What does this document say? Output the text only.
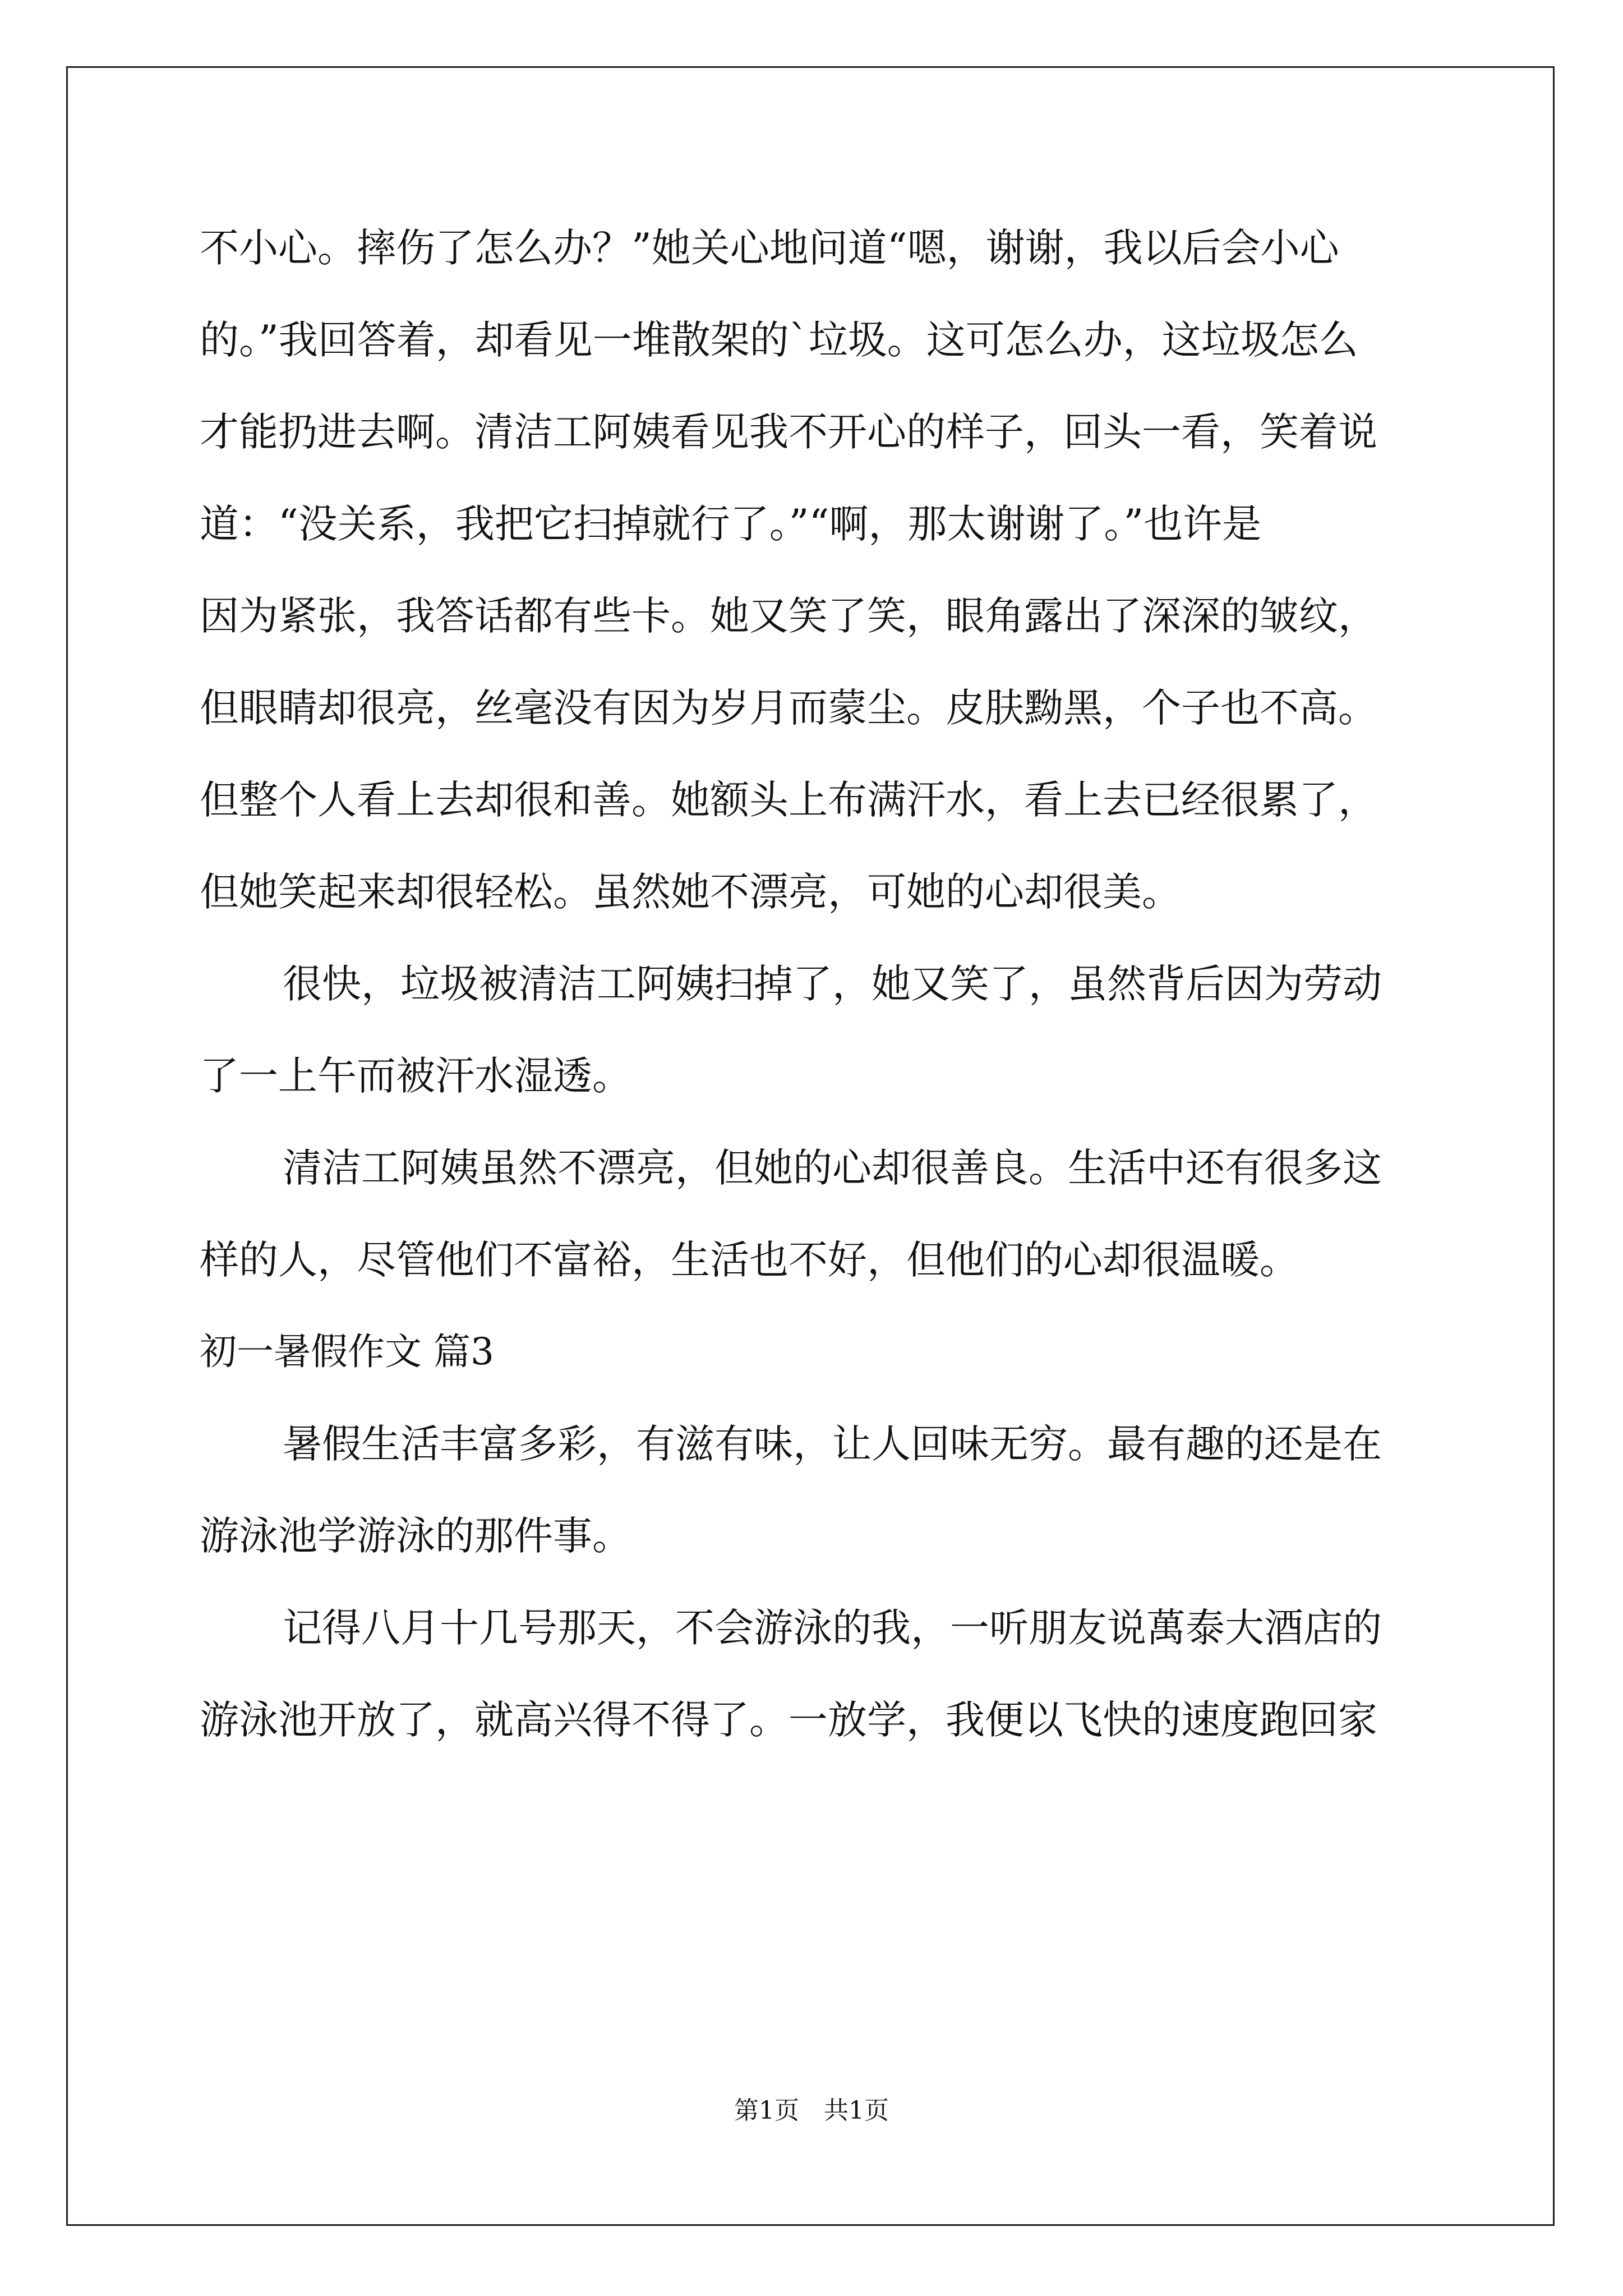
不小心。摔伤了怎么办？”她关心地问道“嗯，谢谢，我以后会小心
的。”我回答着，却看见一堆散架的`垃圾。这可怎么办，这垃圾怎么
才能扔进去啊。清洁工阿姨看见我不开心的样子，回头一看，笑着说
道：“没关系，我把它扫掉就行了。”“啊，那太谢谢了。”也许是
因为紧张，我答话都有些卡。她又笑了笑，眼角露出了深深的皱纹，
但眼睛却很亮，丝毫没有因为岁月而蒙尘。皮肤黝黑，个子也不高。
但整个人看上去却很和善。她额头上布满汗水，看上去已经很累了，
但她笑起来却很轻松。虽然她不漂亮，可她的心却很美。
很快，垃圾被清洁工阿姨扫掉了，她又笑了，虽然背后因为劳动
了一上午而被汗水湿透。
清洁工阿姨虽然不漂亮，但她的心却很善良。生活中还有很多这
样的人，尽管他们不富裕，生活也不好，但他们的心却很温暖。
初一暑假作文 篇3
暑假生活丰富多彩，有滋有味，让人回味无穷。最有趣的还是在
游泳池学游泳的那件事。
记得八月十几号那天，不会游泳的我，一听朋友说萬泰大酒店的
游泳池开放了，就高兴得不得了。一放学，我便以飞快的速度跑回家
第1页　共1页
